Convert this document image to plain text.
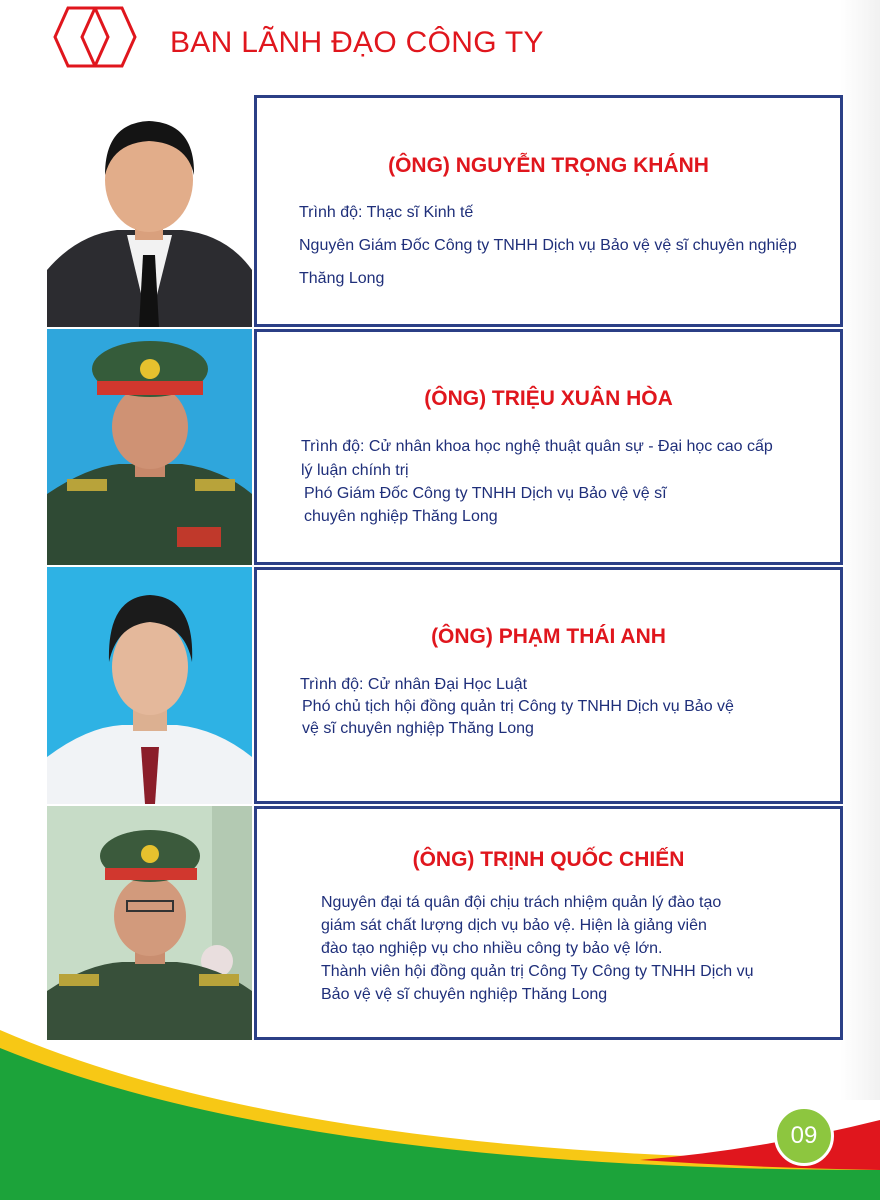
BAN LÃNH ĐẠO CÔNG TY
(ÔNG) NGUYỄN TRỌNG KHÁNH
Trình độ: Thạc sĩ Kinh tế
Nguyên Giám Đốc Công ty TNHH Dịch vụ Bảo vệ vệ sĩ chuyên nghiệp
Thăng Long
(ÔNG) TRIỆU XUÂN HÒA
Trình độ: Cử nhân khoa học nghệ thuật quân sự - Đại học cao cấp
lý luận chính trị
Phó Giám Đốc Công ty TNHH Dịch vụ Bảo vệ vệ sĩ
chuyên nghiệp Thăng Long
(ÔNG) PHẠM THÁI ANH
Trình độ: Cử nhân Đại Học Luật
Phó chủ tịch hội đồng quản trị Công ty TNHH Dịch vụ Bảo vệ
vệ sĩ chuyên nghiệp Thăng Long
(ÔNG) TRỊNH QUỐC CHIẾN
Nguyên đại tá quân đội chịu trách nhiệm quản lý đào tạo
giám sát chất lượng dịch vụ bảo vệ. Hiện là giảng viên
đào tạo nghiệp vụ cho nhiều công ty bảo vệ lớn.
Thành viên hội đồng quản trị Công Ty Công ty TNHH Dịch vụ
Bảo vệ vệ sĩ chuyên nghiệp Thăng Long
09
